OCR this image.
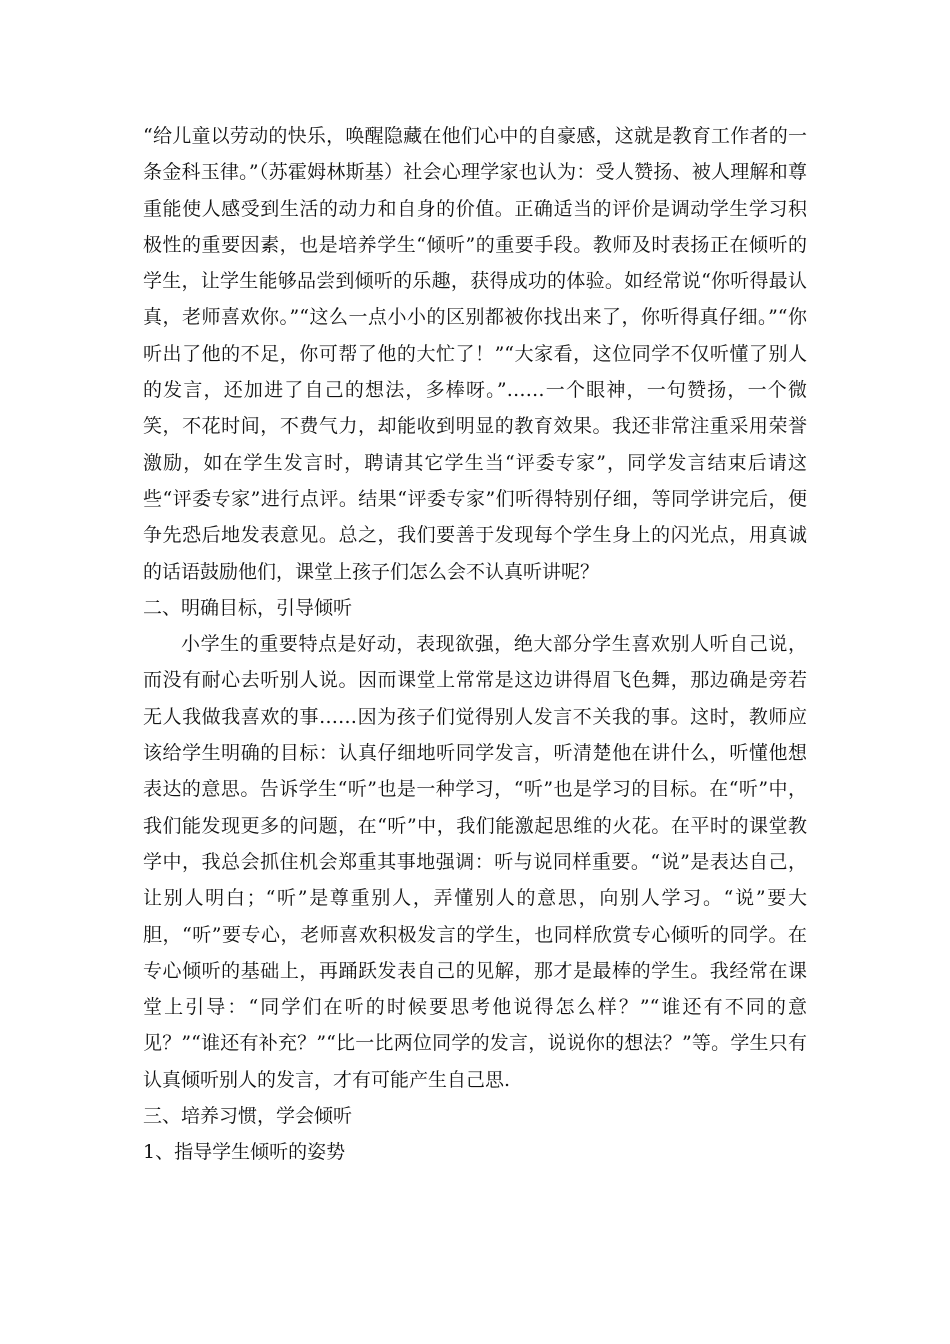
“给儿童以劳动的快乐，唤醒隐藏在他们心中的自豪感，这就是教育工作者的一条金科玉律。”（苏霍姆林斯基）社会心理学家也认为：受人赞扬、被人理解和尊重能使人感受到生活的动力和自身的价值。正确适当的评价是调动学生学习积极性的重要因素，也是培养学生“倾听”的重要手段。教师及时表扬正在倾听的学生，让学生能够品尝到倾听的乐趣，获得成功的体验。如经常说“你听得最认真，老师喜欢你。”“这么一点小小的区别都被你找出来了，你听得真仔细。”“你听出了他的不足，你可帮了他的大忙了！”“大家看，这位同学不仅听懂了别人的发言，还加进了自己的想法，多棒呀。”……一个眼神，一句赞扬，一个微笑，不花时间，不费气力，却能收到明显的教育效果。我还非常注重采用荣誉激励，如在学生发言时，聘请其它学生当“评委专家”，同学发言结束后请这些“评委专家”进行点评。结果“评委专家”们听得特别仔细，等同学讲完后，便争先恐后地发表意见。总之，我们要善于发现每个学生身上的闪光点，用真诚的话语鼓励他们，课堂上孩子们怎么会不认真听讲呢？

二、明确目标，引导倾听

小学生的重要特点是好动，表现欲强，绝大部分学生喜欢别人听自己说，而没有耐心去听别人说。因而课堂上常常是这边讲得眉飞色舞，那边确是旁若无人我做我喜欢的事……因为孩子们觉得别人发言不关我的事。这时，教师应该给学生明确的目标：认真仔细地听同学发言，听清楚他在讲什么，听懂他想表达的意思。告诉学生“听”也是一种学习，“听”也是学习的目标。在“听”中，我们能发现更多的问题，在“听”中，我们能激起思维的火花。在平时的课堂教学中，我总会抓住机会郑重其事地强调：听与说同样重要。“说”是表达自己，让别人明白；“听”是尊重别人，弄懂别人的意思，向别人学习。“说”要大胆，“听”要专心，老师喜欢积极发言的学生，也同样欣赏专心倾听的同学。在专心倾听的基础上，再踊跃发表自己的见解，那才是最棒的学生。我经常在课堂上引导：“同学们在听的时候要思考他说得怎么样？”“谁还有不同的意见？”“谁还有补充？”“比一比两位同学的发言，说说你的想法？”等。学生只有认真倾听别人的发言，才有可能产生自己思.

三、培养习惯，学会倾听

1、指导学生倾听的姿势
